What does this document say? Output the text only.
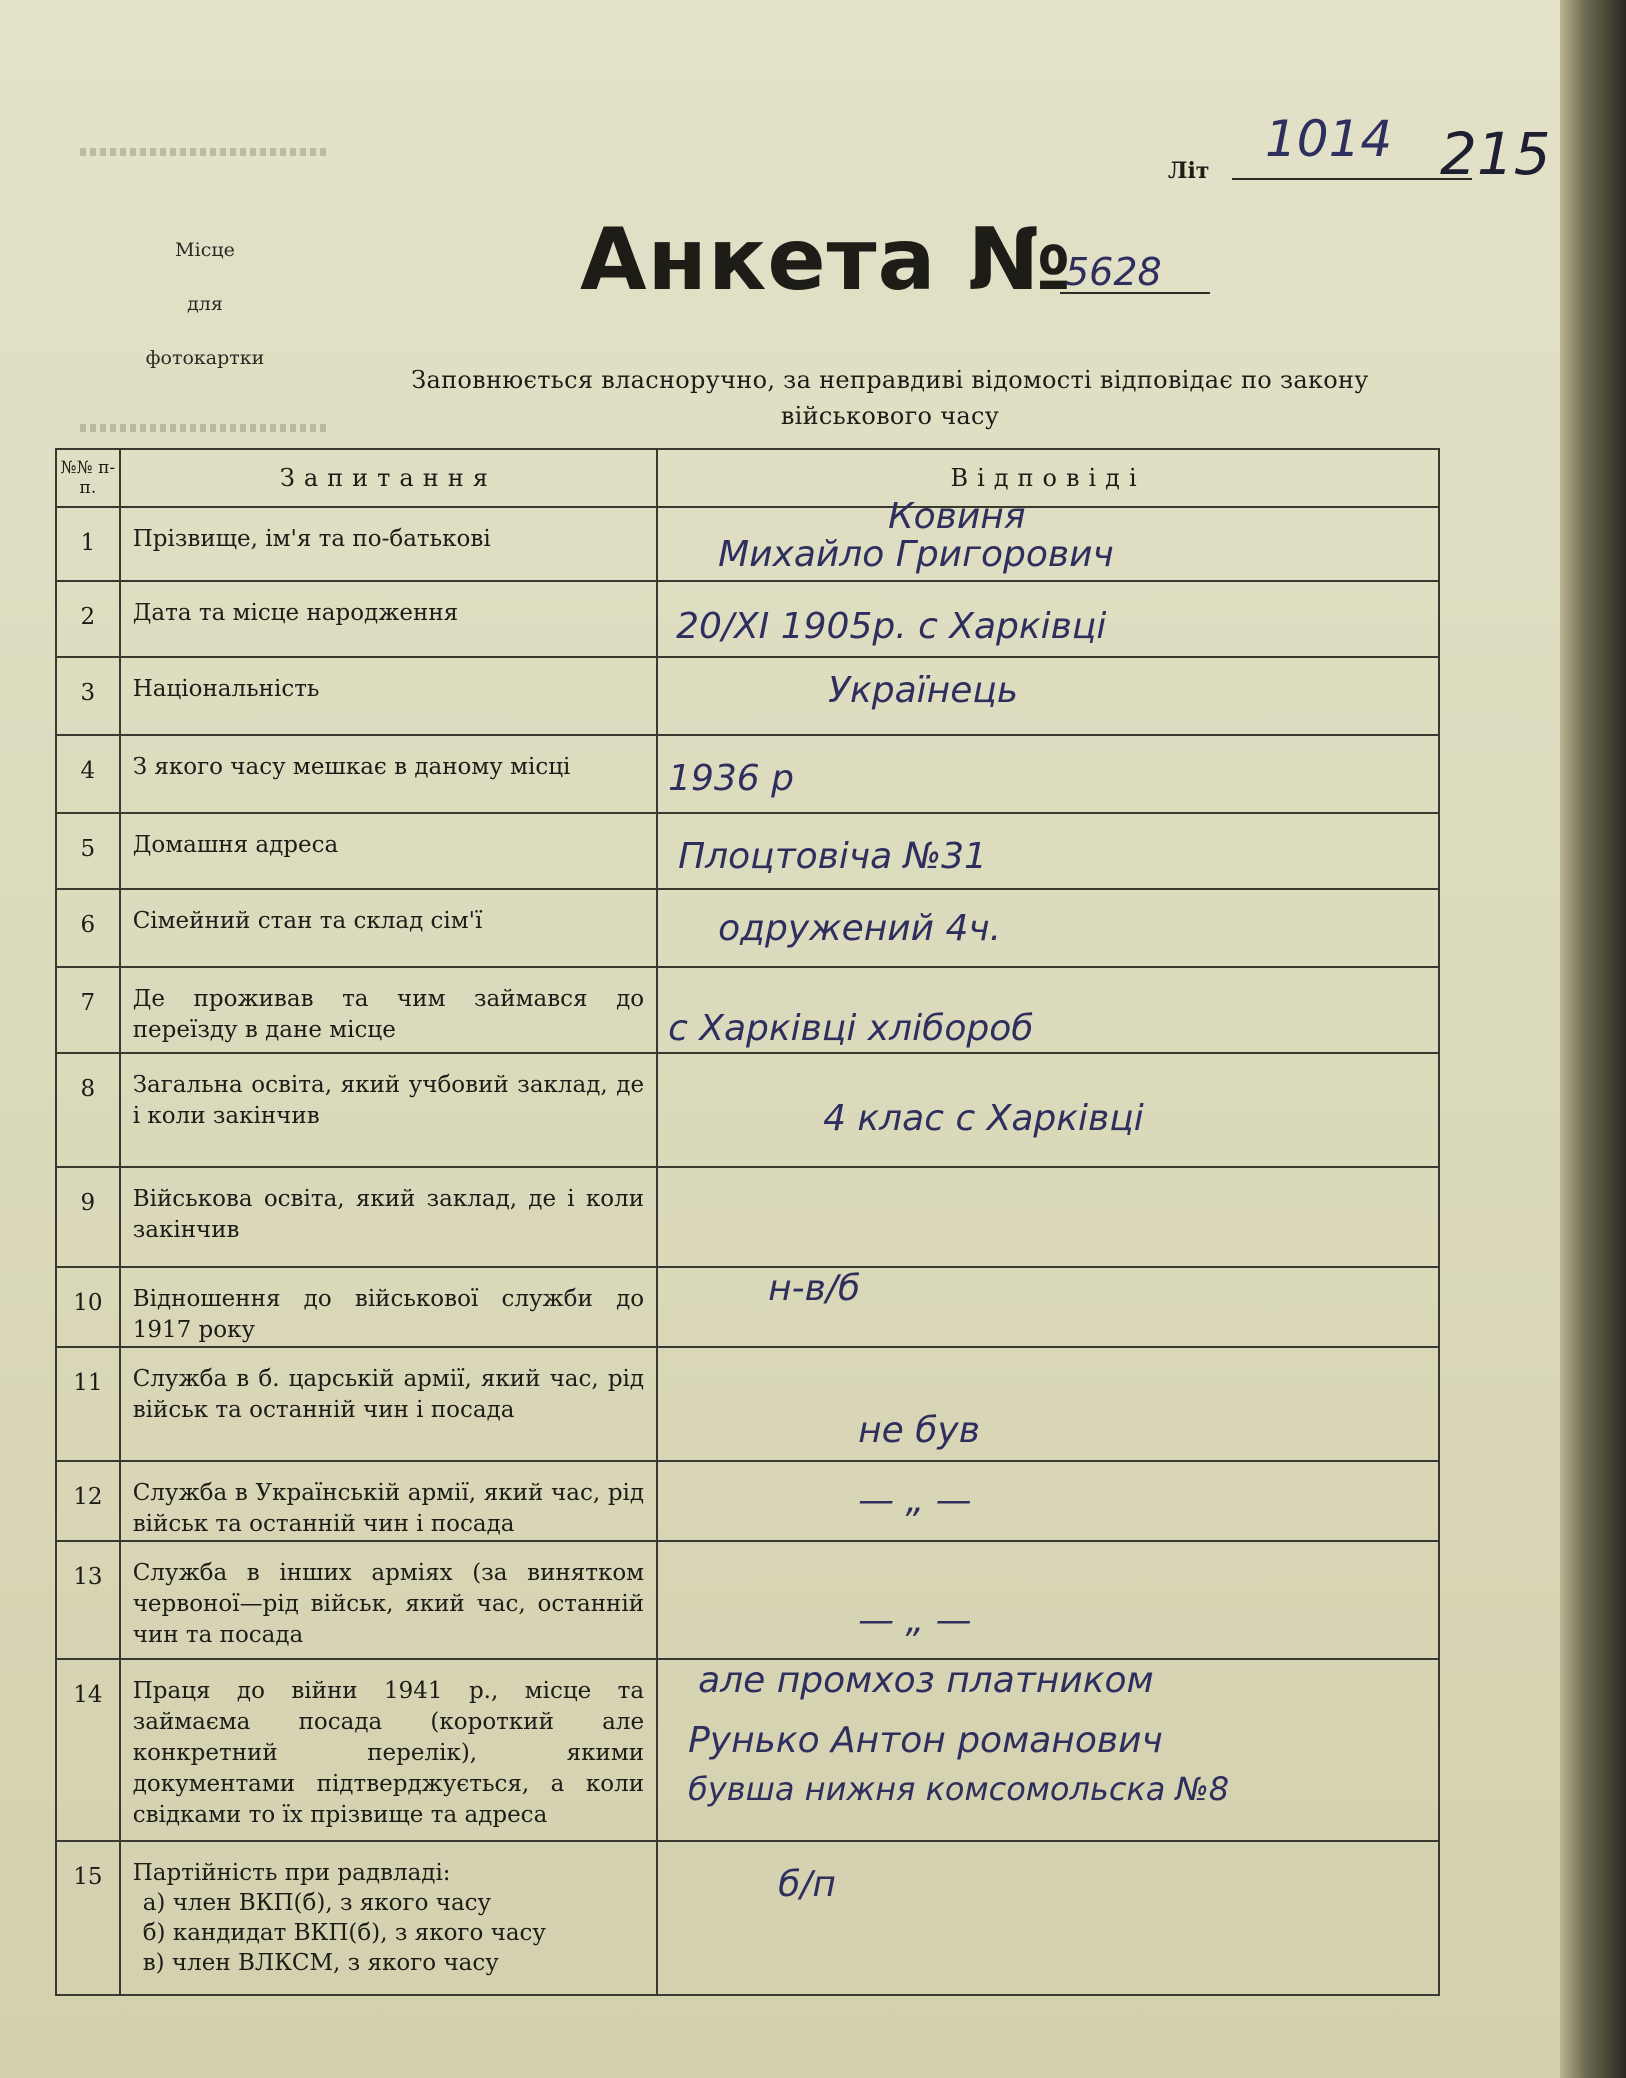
Місце
для
фотокартки
Літ
1014 215
Анкета №
5628
Заповнюється власноручно, за неправдиві відомості відповідає по закону військового часу
№№ п-п.	Запитання	Відповіді
1	Прізвище, ім'я та по-батькові	Ковиня
Михайло Григорович

2	Дата та місце народження	20/XI 1905р. с Харківці

3	Національність	Українець

4	З якого часу мешкає в даному місці	1936 р

5	Домашня адреса	Плоцтовіча №31

6	Сімейний стан та склад сім'ї	одружений 4ч.

7	Де проживав та чим займався до переїзду в дане місце	с Харківці хлібороб

8	Загальна освіта, який учбовий заклад, де і коли закінчив	4 клас с Харківці

9	Військова освіта, який заклад, де і коли закінчив	
10	Відношення до військової служби до 1917 року	н-в/б

11	Служба в б. царській армії, який час, рід військ та останній чин і посада	не був

12	Служба в Українській армії, який час, рід військ та останній чин і посада	— „ —

13	Служба в інших арміях (за винятком червоної—рід військ, який час, останній чин та посада	— „ —

14	Праця до війни 1941 р., місце та займаєма посада (короткий але конкретний перелік), якими документами підтверджується, а коли свідками то їх прізвище та адреса	але промхоз платником
Рунько Антон романович
бувша нижня комсомольска №8

15	Партійність при радвладі:
а) член ВКП(б), з якого часу
б) кандидат ВКП(б), з якого часу
в) член ВЛКСМ, з якого часу	б/п
